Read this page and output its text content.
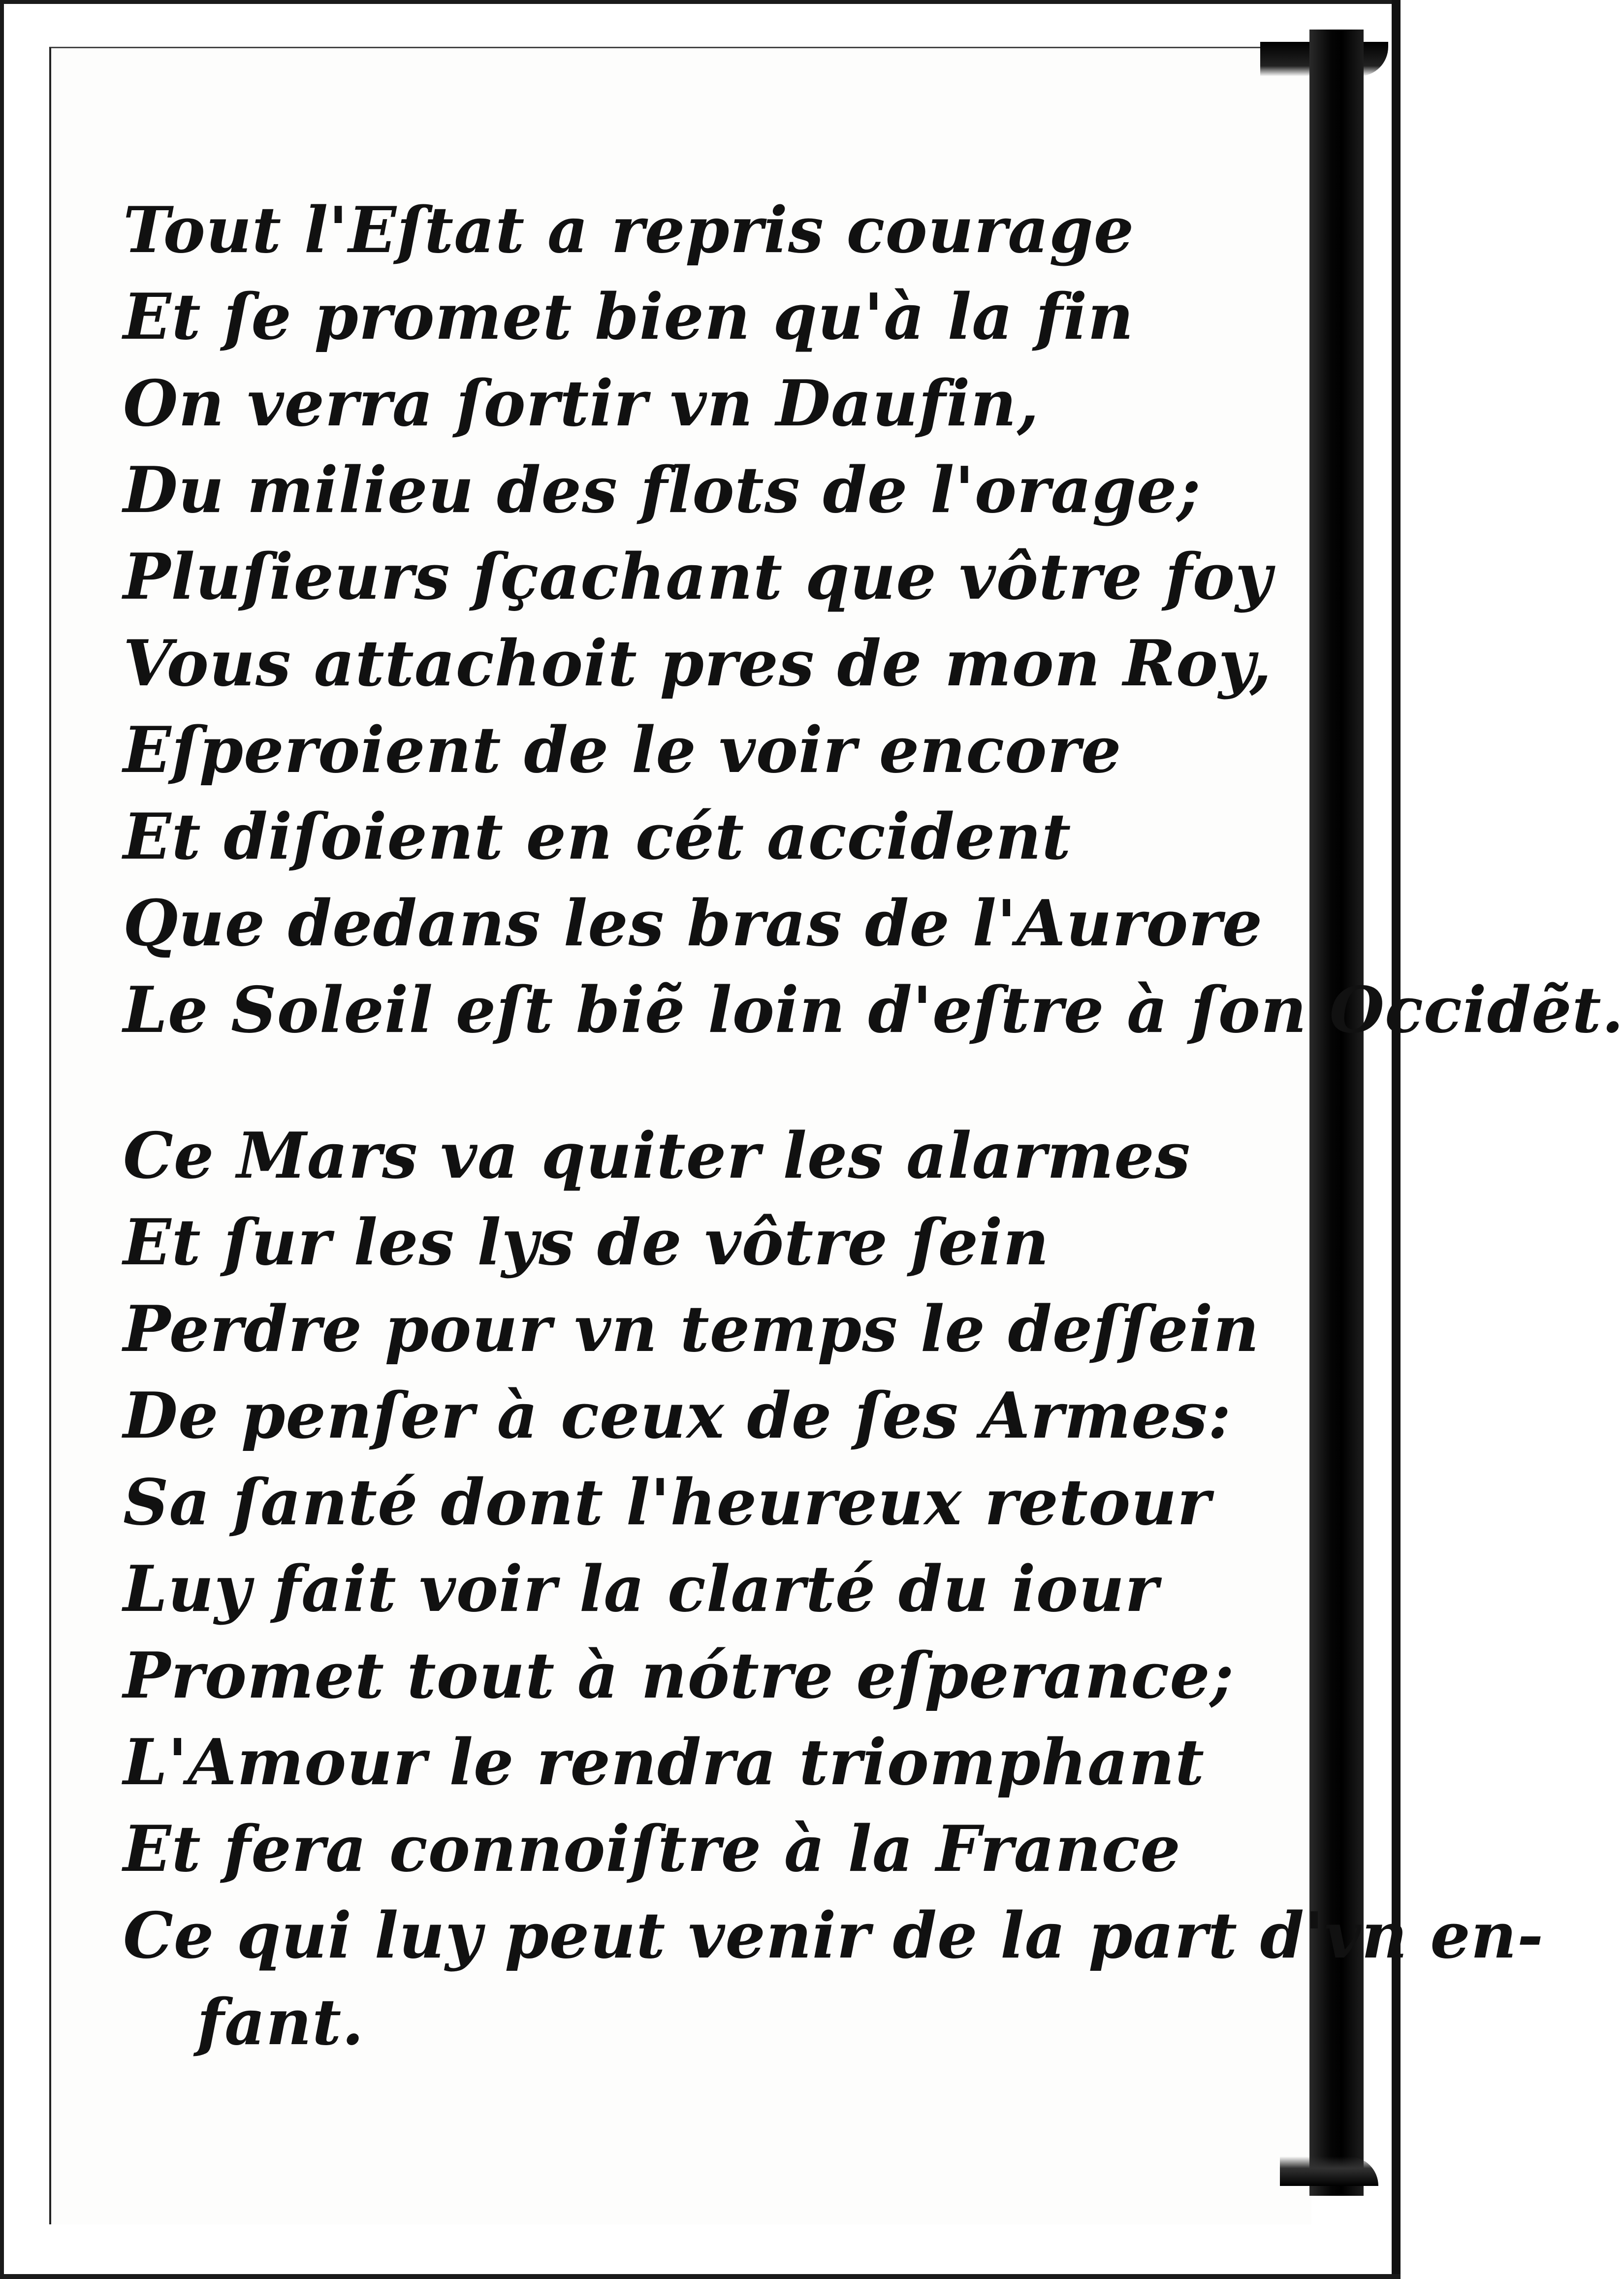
Tout l'Eſtat a repris courage
Et ſe promet bien qu'à la fin
On verra ſortir vn Daufin,
Du milieu des flots de l'orage;
Pluſieurs ſçachant que vôtre foy
Vous attachoit pres de mon Roy,
Eſperoient de le voir encore
Et diſoient en cét accident
Que dedans les bras de l'Aurore
Le Soleil eſt biẽ loin d'eſtre à ſon Occidẽt.
Ce Mars va quiter les alarmes
Et ſur les lys de vôtre ſein
Perdre pour vn temps le deſſein
De penſer à ceux de ſes Armes:
Sa ſanté dont l'heureux retour
Luy fait voir la clarté du iour
Promet tout à nótre eſperance;
L'Amour le rendra triomphant
Et fera connoiſtre à la France
Ce qui luy peut venir de la part d'vn en-
fant.
